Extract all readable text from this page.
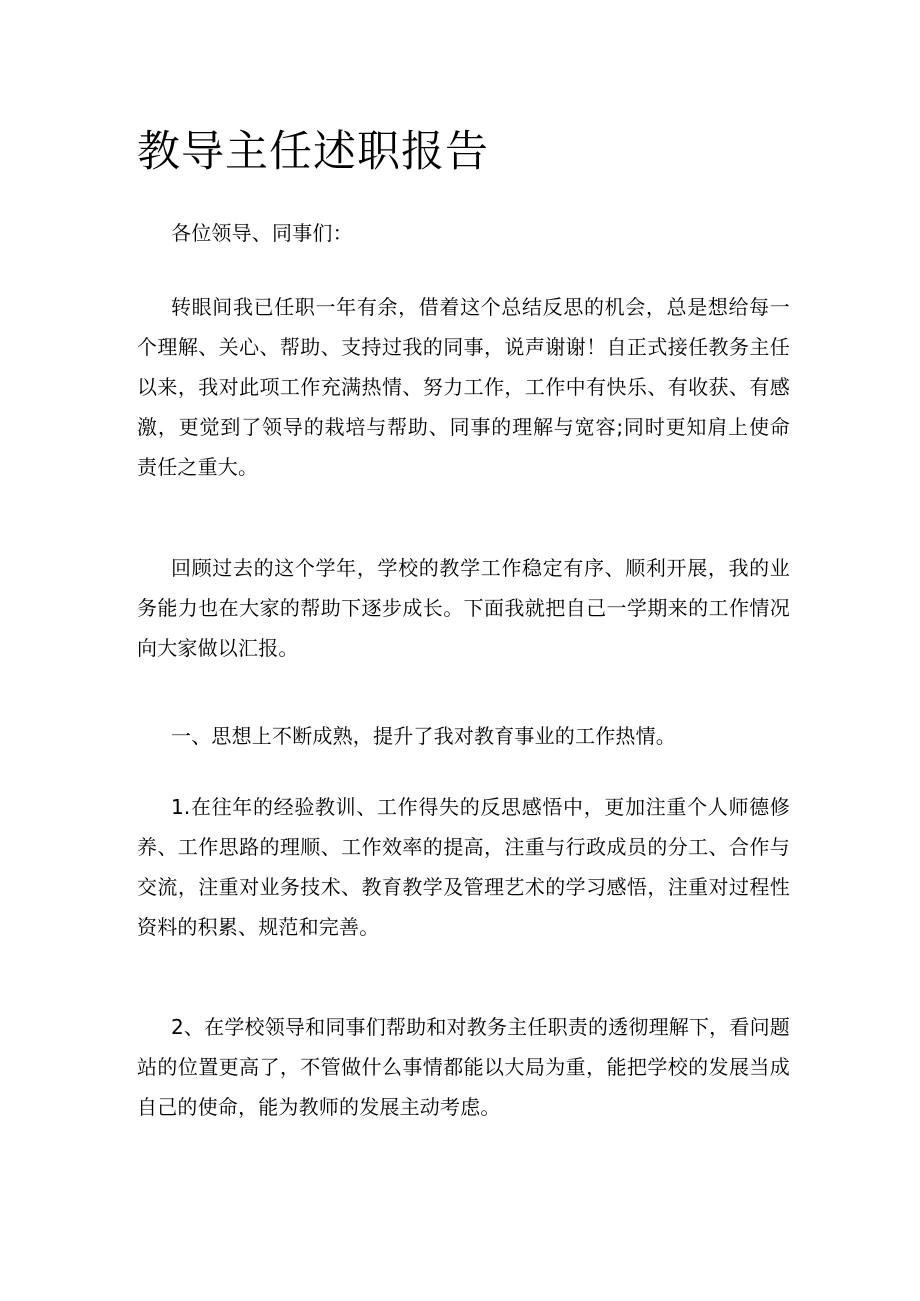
教导主任述职报告

各位领导、同事们：

转眼间我已任职一年有余，借着这个总结反思的机会，总是想给每一个理解、关心、帮助、支持过我的同事，说声谢谢！自正式接任教务主任以来，我对此项工作充满热情、努力工作，工作中有快乐、有收获、有感激，更觉到了领导的栽培与帮助、同事的理解与宽容;同时更知肩上使命责任之重大。

回顾过去的这个学年，学校的教学工作稳定有序、顺利开展，我的业务能力也在大家的帮助下逐步成长。下面我就把自己一学期来的工作情况向大家做以汇报。

一、思想上不断成熟，提升了我对教育事业的工作热情。

1.在往年的经验教训、工作得失的反思感悟中，更加注重个人师德修养、工作思路的理顺、工作效率的提高，注重与行政成员的分工、合作与交流，注重对业务技术、教育教学及管理艺术的学习感悟，注重对过程性资料的积累、规范和完善。

2、在学校领导和同事们帮助和对教务主任职责的透彻理解下，看问题站的位置更高了，不管做什么事情都能以大局为重，能把学校的发展当成自己的使命，能为教师的发展主动考虑。
